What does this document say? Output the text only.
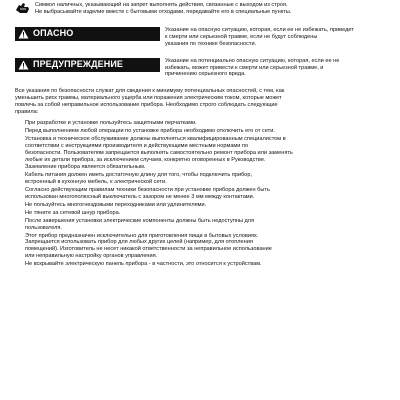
Символ наличных, указывающий на запрет выполнять действия, связанные с выходом из строя.
Не выбрасывайте изделие вместе с бытовыми отходами, передавайте его в специальные пункты.
ОПАСНО	Указание на опасную ситуацию, которая, если ее не избежать, приведет
к смерти или серьезной травме, если не будут соблюдены
указания по технике безопасности.
ПРЕДУПРЕЖДЕНИЕ	Указание на потенциально опасную ситуацию, которая, если ее не
избежать, может привести к смерти или серьезной травме, и
причинению серьезного вреда.
Все указания по безопасности служат для сведения к минимуму потенциальных опасностей, с тем, как
уменьшить риск травмы, материального ущерба или поражения электрическим током, которые может
повлечь за собой неправильное использование прибора. Необходимо строго соблюдать следующие
правила:
При разработке и установке пользуйтесь защитными перчатками.
Перед выполнением любой операции по установке прибора необходимо отключить его от сети.
Установка и техническое обслуживание должны выполняться квалифицированным специалистом в
соответствии с инструкциями производителя и действующими местными нормами по
безопасности. Пользователям запрещается выполнять самостоятельно ремонт прибора или заменять
любые их детали прибора, за исключением случаев, конкретно оговоренных в Руководстве.
Заземление прибора является обязательным.
Кабель питания должен иметь достаточную длину для того, чтобы подключить прибор,
встроенный в кухонную мебель, к электрической сети.
Согласно действующим правилам техники безопасности при установке прибора должен быть
использован многополюсный выключатель с зазором не менее 3 мм между контактами.
Не пользуйтесь многогнездовыми переходниками или удлинителями.
Не тяните за сетевой шнур прибора.
После завершения установки электрические компоненты должны быть недоступны для
пользователя.
Этот прибор предназначен исключительно для приготовления пищи в бытовых условиях.
Запрещается использовать прибор для любых других целей (например, для отопления
помещений). Изготовитель не несет никакой ответственности за неправильное использование
или неправильную настройку органов управления.
Не вскрывайте электрическую панель прибора - в частности, это относится к устройствам.
